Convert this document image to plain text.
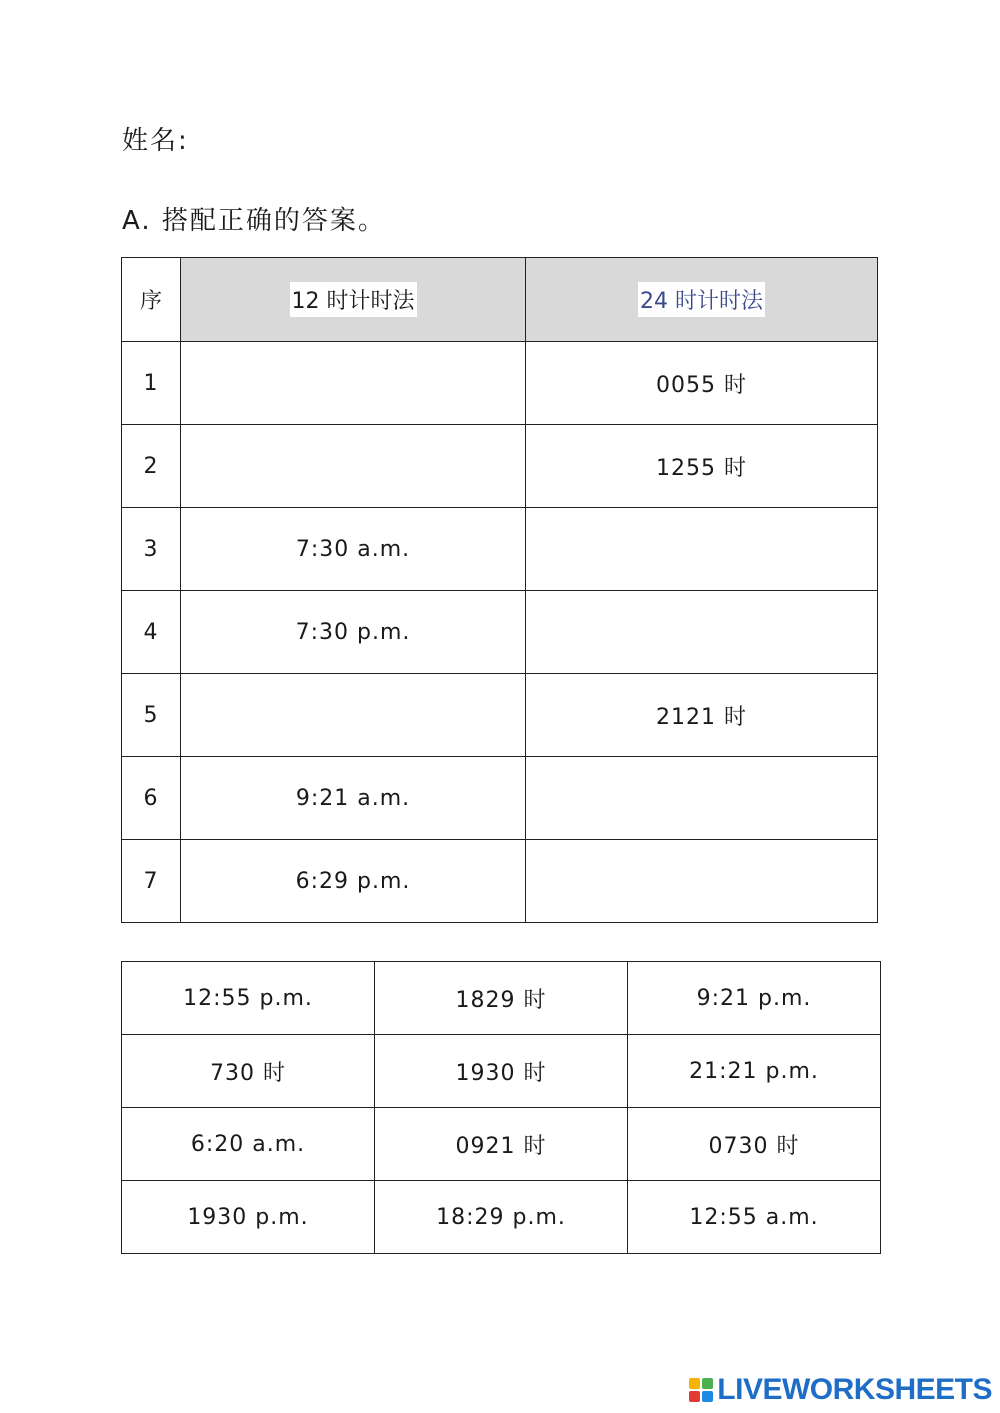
姓名:
A. 搭配正确的答案。
序	12 时计时法	24 时计时法
1		0055 时
2		1255 时
3	7:30 a.m.	
4	7:30 p.m.	
5		2121 时
6	9:21 a.m.	
7	6:29 p.m.	
12:55 p.m.	1829 时	9:21 p.m.
730 时	1930 时	21:21 p.m.
6:20 a.m.	0921 时	0730 时
1930 p.m.	18:29 p.m.	12:55 a.m.
LIVEWORKSHEETS
